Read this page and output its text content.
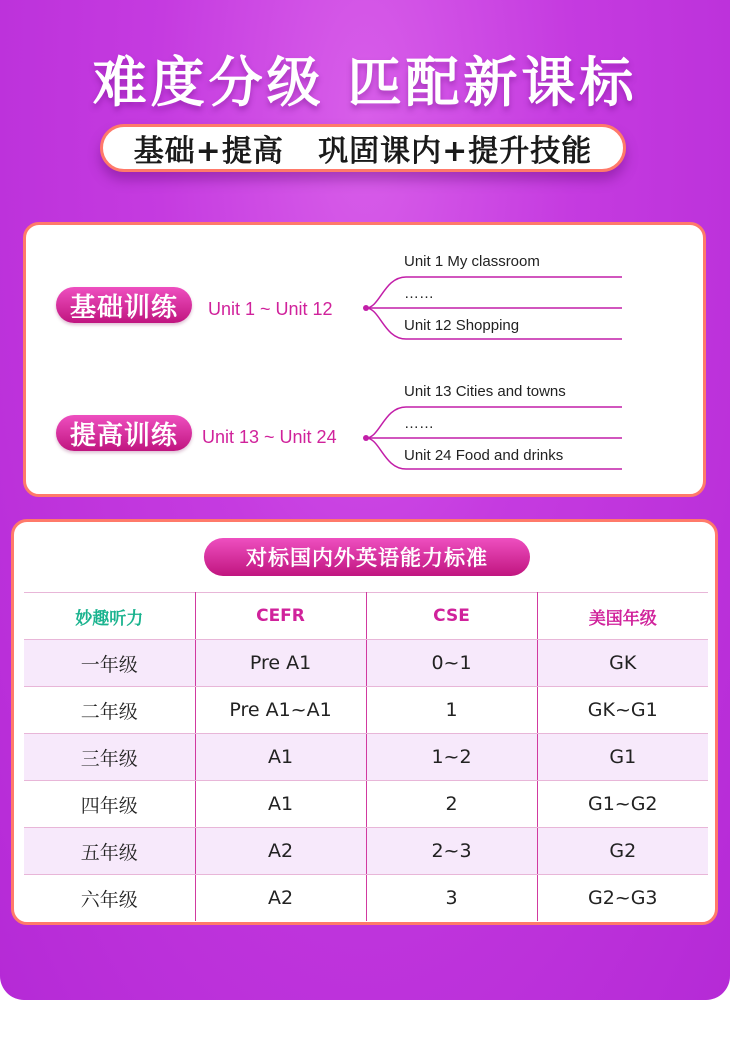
难度分级 匹配新课标
基础+提高   巩固课内+提升技能
基础训练	Unit 1 ~ Unit 12
Unit 1 My classroom
……
Unit 12 Shopping
提高训练	Unit 13 ~ Unit 24
Unit 13 Cities and towns
……
Unit 24 Food and drinks
对标国内外英语能力标准
妙趣听力	CEFR	CSE	美国年级
一年级	Pre A1	0~1	GK
二年级	Pre A1~A1	1	GK~G1
三年级	A1	1~2	G1
四年级	A1	2	G1~G2
五年级	A2	2~3	G2
六年级	A2	3	G2~G3
